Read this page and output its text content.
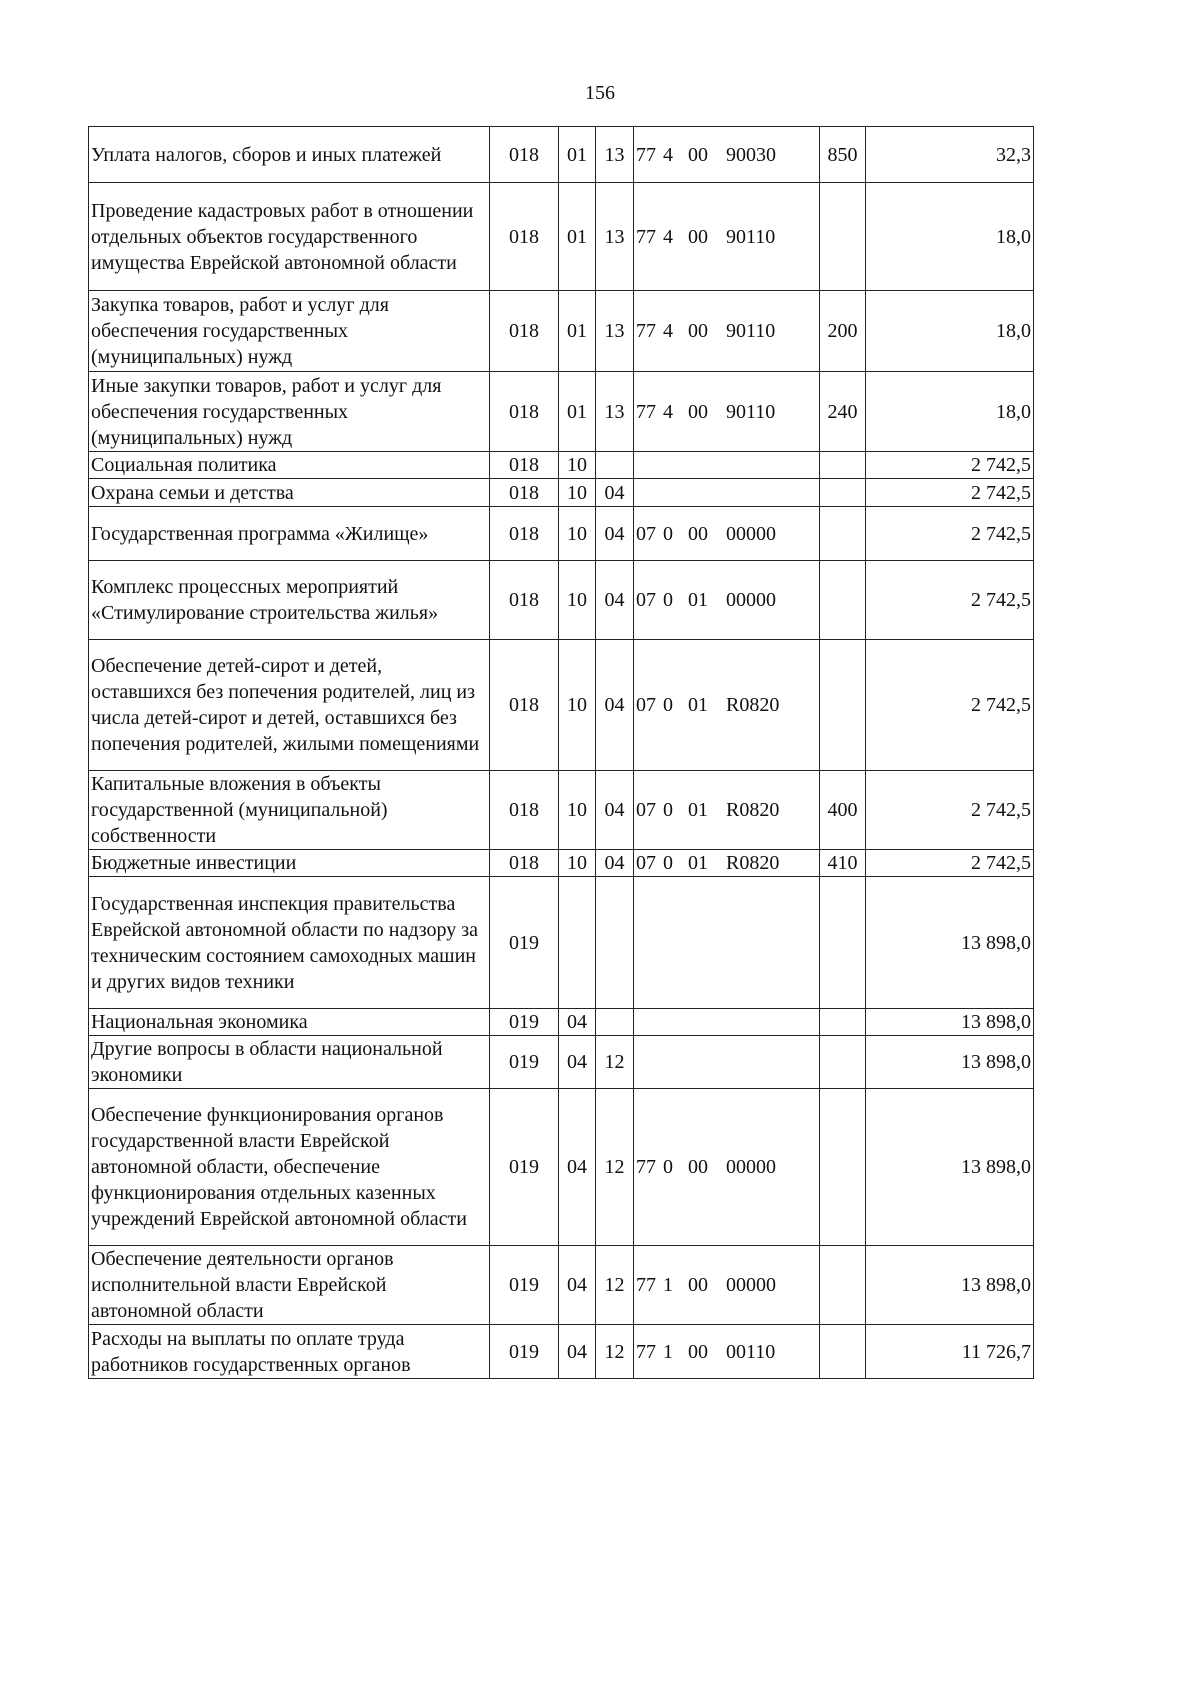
156
Уплата налогов, сборов и иных платежей	018	01	13	77 4 00 90030	850	32,3
Проведение кадастровых работ в отношении отдельных объектов государственного имущества Еврейской автономной области	018	01	13	77 4 00 90110		18,0
Закупка товаров, работ и услуг для обеспечения государственных (муниципальных) нужд	018	01	13	77 4 00 90110	200	18,0
Иные закупки товаров, работ и услуг для обеспечения государственных (муниципальных) нужд	018	01	13	77 4 00 90110	240	18,0
Социальная политика	018	10				2 742,5
Охрана семьи и детства	018	10	04			2 742,5
Государственная программа «Жилище»	018	10	04	07 0 00 00000		2 742,5
Комплекс процессных мероприятий «Стимулирование строительства жилья»	018	10	04	07 0 01 00000		2 742,5
Обеспечение детей-сирот и детей, оставшихся без попечения родителей, лиц из числа детей-сирот и детей, оставшихся без попечения родителей, жилыми помещениями	018	10	04	07 0 01 R0820		2 742,5
Капитальные вложения в объекты государственной (муниципальной) собственности	018	10	04	07 0 01 R0820	400	2 742,5
Бюджетные инвестиции	018	10	04	07 0 01 R0820	410	2 742,5
Государственная инспекция правительства Еврейской автономной области по надзору за техническим состоянием самоходных машин и других видов техники	019					13 898,0
Национальная экономика	019	04				13 898,0
Другие вопросы в области национальной экономики	019	04	12			13 898,0
Обеспечение функционирования органов государственной власти Еврейской автономной области, обеспечение функционирования отдельных казенных учреждений Еврейской автономной области	019	04	12	77 0 00 00000		13 898,0
Обеспечение деятельности органов исполнительной власти Еврейской автономной области	019	04	12	77 1 00 00000		13 898,0
Расходы на выплаты по оплате труда работников государственных органов	019	04	12	77 1 00 00110		11 726,7
